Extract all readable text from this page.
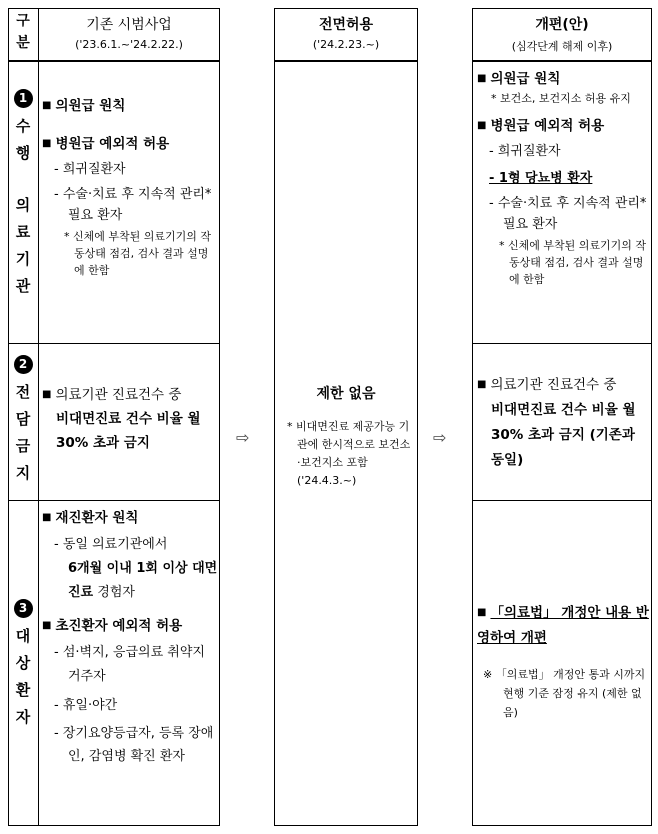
구분
기존 시범사업
('23.6.1.~'24.2.22.)
1
수행
의료기관
■ 의원급 원칙
■ 병원급 예외적 허용
- 희귀질환자
- 수술·치료 후 지속적 관리* 필요 환자
* 신체에 부착된 의료기기의 작동상태 점검, 검사 결과 설명에 한함
2
전담금지
■ 의료기관 진료건수 중
비대면진료 건수 비율 월 30% 초과 금지
3
대상환자
■ 재진환자 원칙
- 동일 의료기관에서
6개월 이내 1회 이상 대면진료 경험자
■ 초진환자 예외적 허용
- 섬·벽지, 응급의료 취약지 거주자
- 휴일·야간
- 장기요양등급자, 등록 장애인, 감염병 확진 환자
⇨
전면허용
('24.2.23.~)
제한 없음
* 비대면진료 제공가능 기관에 한시적으로 보건소·보건지소 포함('24.4.3.~)
⇨
개편(안)
(심각단계 해제 이후)
■ 의원급 원칙
* 보건소, 보건지소 허용 유지
■ 병원급 예외적 허용
- 희귀질환자
- 1형 당뇨병 환자
- 수술·치료 후 지속적 관리* 필요 환자
* 신체에 부착된 의료기기의 작동상태 점검, 검사 결과 설명에 한함
■ 의료기관 진료건수 중
비대면진료 건수 비율 월 30% 초과 금지 (기존과 동일)
■ 「의료법」 개정안 내용 반영하여 개편
※ 「의료법」 개정안 통과 시까지 현행 기준 잠정 유지 (제한 없음)
